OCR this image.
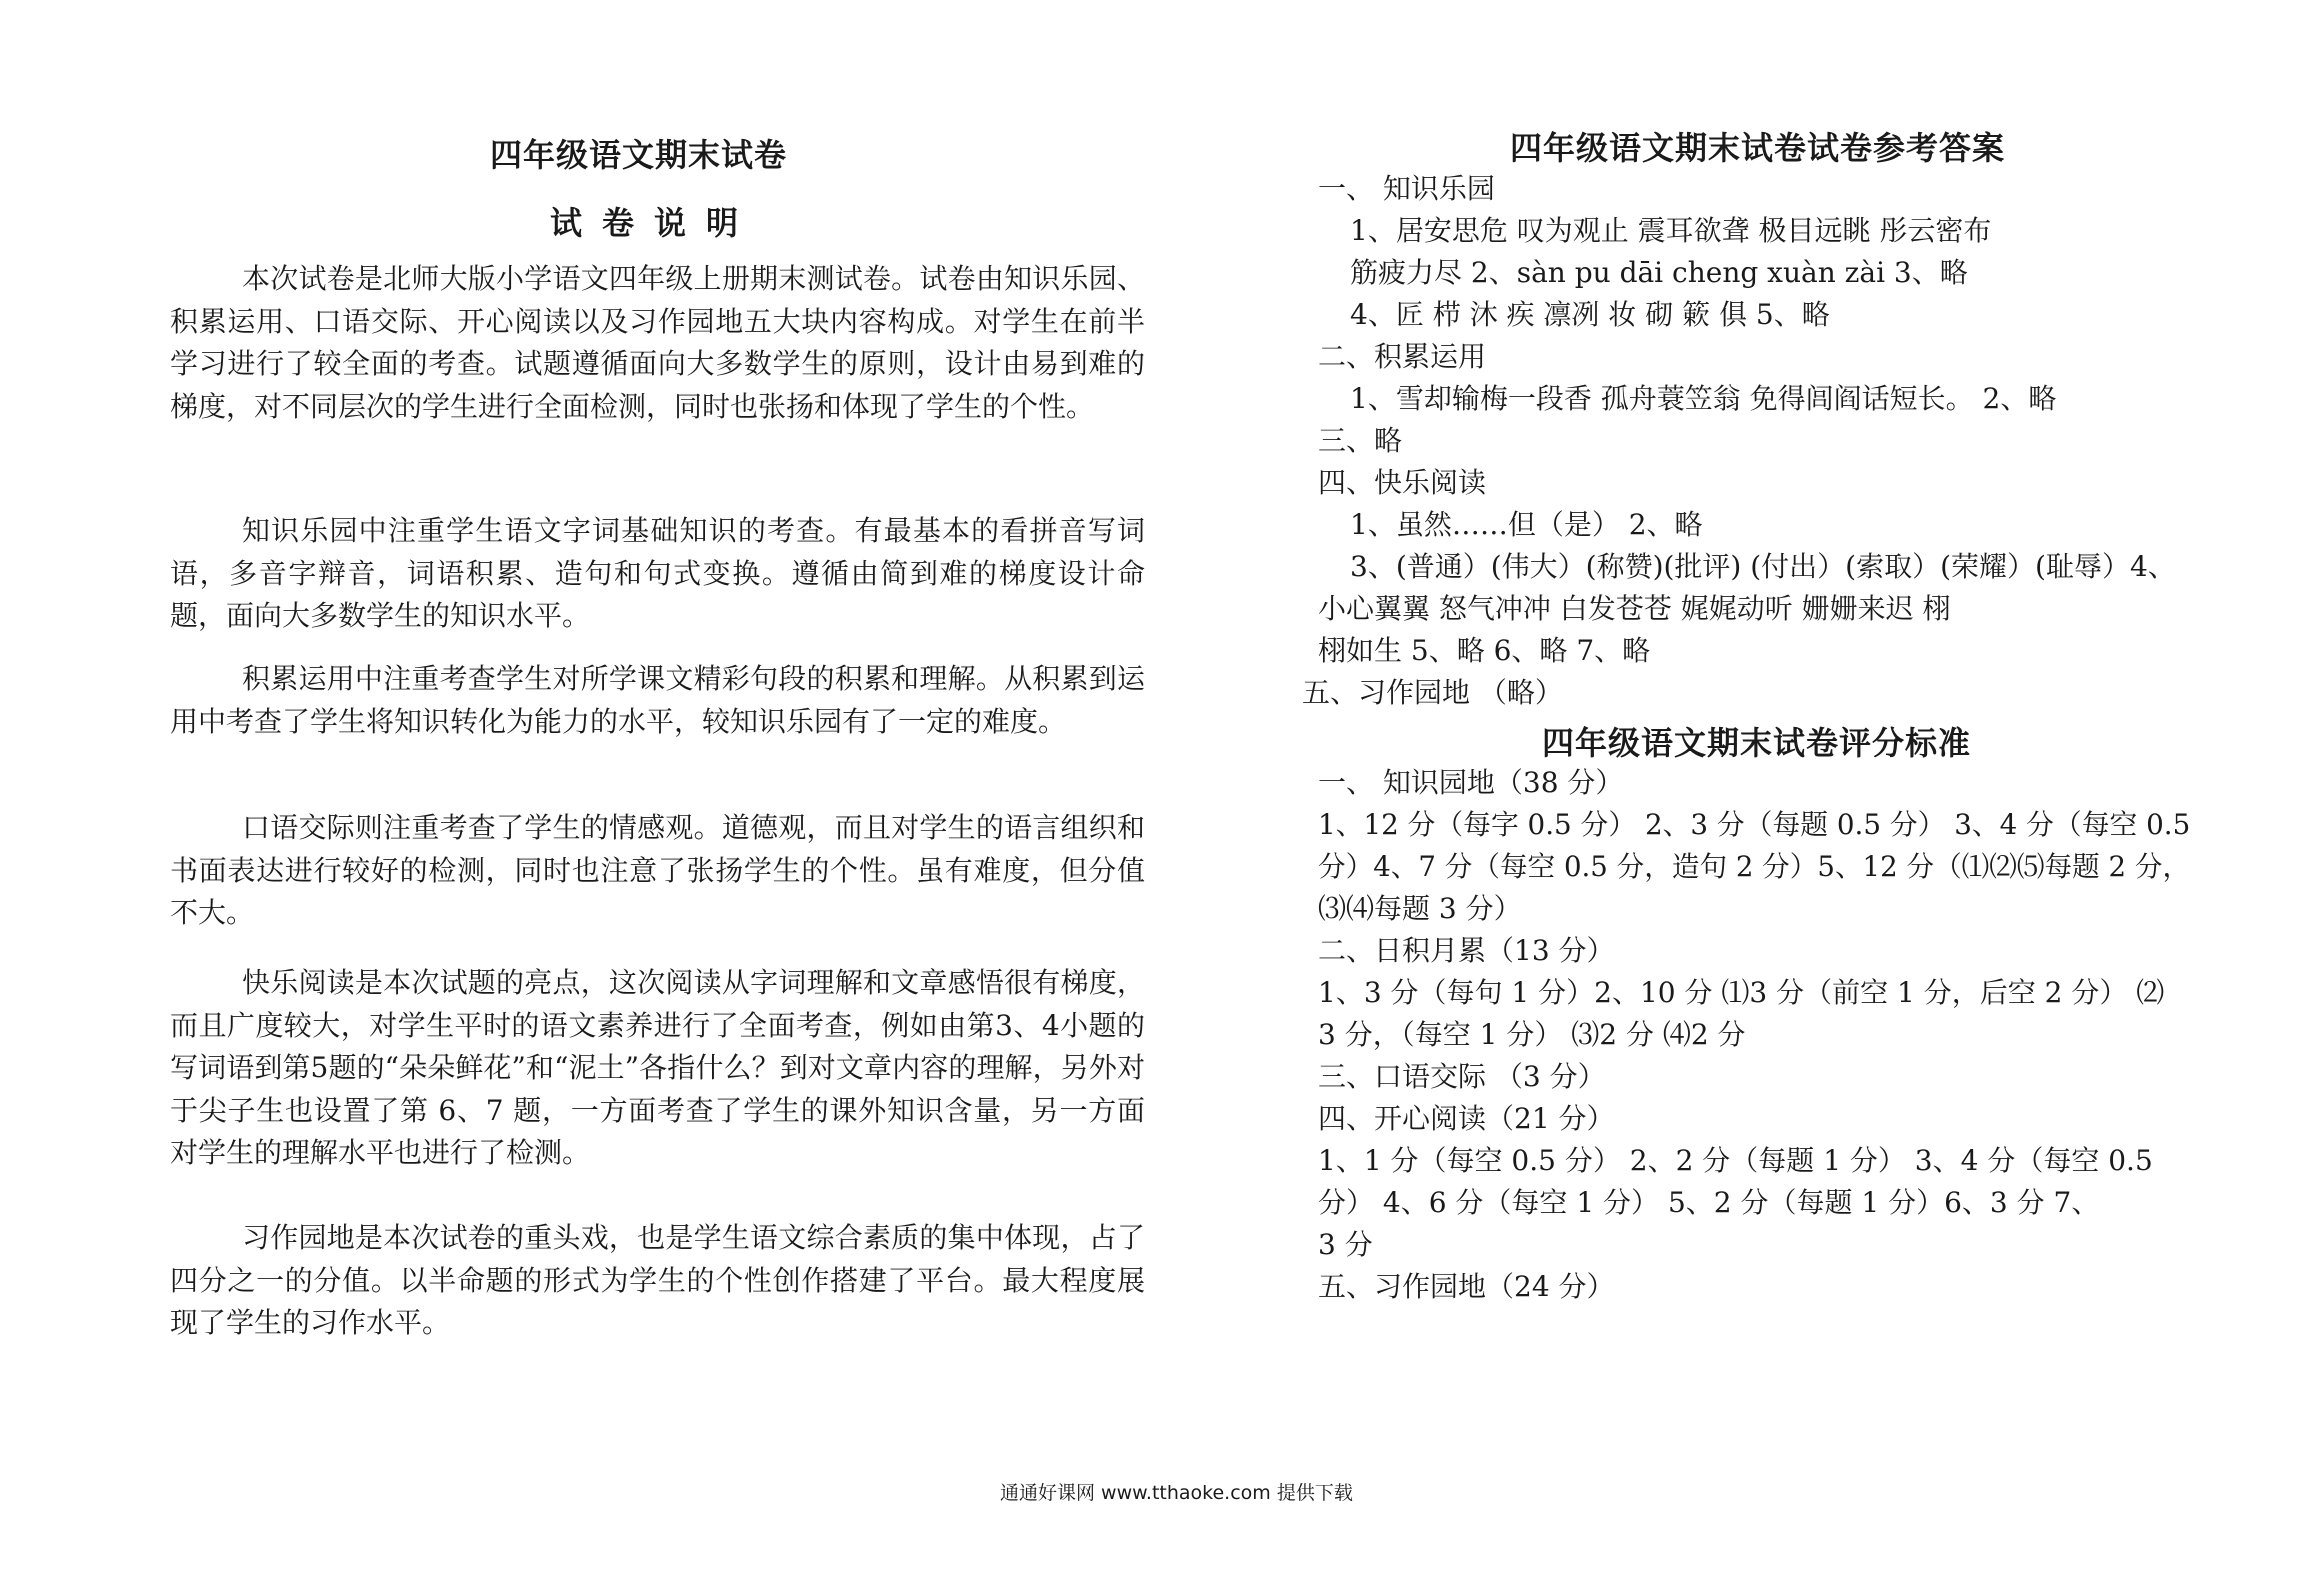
四年级语文期末试卷
试卷说明

本次试卷是北师大版小学语文四年级上册期末测试卷。试卷由知识乐园、积累运用、口语交际、开心阅读以及习作园地五大块内容构成。对学生在前半学习进行了较全面的考查。试题遵循面向大多数学生的原则，设计由易到难的梯度，对不同层次的学生进行全面检测，同时也张扬和体现了学生的个性。

知识乐园中注重学生语文字词基础知识的考查。有最基本的看拼音写词语，多音字辩音，词语积累、造句和句式变换。遵循由简到难的梯度设计命题，面向大多数学生的知识水平。

积累运用中注重考查学生对所学课文精彩句段的积累和理解。从积累到运用中考查了学生将知识转化为能力的水平，较知识乐园有了一定的难度。

口语交际则注重考查了学生的情感观。道德观，而且对学生的语言组织和书面表达进行较好的检测，同时也注意了张扬学生的个性。虽有难度，但分值不大。

快乐阅读是本次试题的亮点，这次阅读从字词理解和文章感悟很有梯度，而且广度较大，对学生平时的语文素养进行了全面考查，例如由第3、4小题的写词语到第5题的“朵朵鲜花”和“泥土”各指什么？到对文章内容的理解，另外对于尖子生也设置了第 6、7 题，一方面考查了学生的课外知识含量，另一方面对学生的理解水平也进行了检测。

习作园地是本次试卷的重头戏，也是学生语文综合素质的集中体现，占了四分之一的分值。以半命题的形式为学生的个性创作搭建了平台。最大程度展现了学生的习作水平。

四年级语文期末试卷试卷参考答案
一、 知识乐园
1、居安思危 叹为观止 震耳欲聋 极目远眺 彤云密布
筋疲力尽 2、sàn pu dāi cheng xuàn zài 3、略
4、匠 栉 沐 疾 凛冽 妆 砌 簌 俱 5、略
二、积累运用
1、雪却输梅一段香 孤舟蓑笠翁 免得闾阎话短长。 2、略
三、略
四、快乐阅读
1、虽然……但（是） 2、略
3、(普通）(伟大）(称赞)(批评) (付出）(索取）(荣耀）(耻辱）4、
小心翼翼 怒气冲冲 白发苍苍 娓娓动听 姗姗来迟 栩
栩如生 5、略 6、略 7、略
五、习作园地 （略）
四年级语文期末试卷评分标准
一、 知识园地（38 分）
1、12 分（每字 0.5 分） 2、3 分（每题 0.5 分） 3、4 分（每空 0.5
分）4、7 分（每空 0.5 分，造句 2 分）5、12 分（⑴⑵⑸每题 2 分，
⑶⑷每题 3 分）
二、日积月累（13 分）
1、3 分（每句 1 分）2、10 分 ⑴3 分（前空 1 分，后空 2 分） ⑵
3 分，（每空 1 分） ⑶2 分 ⑷2 分
三、口语交际 （3 分）
四、开心阅读（21 分）
1、1 分（每空 0.5 分） 2、2 分（每题 1 分） 3、4 分（每空 0.5
分） 4、6 分（每空 1 分） 5、2 分（每题 1 分）6、3 分 7、
3 分
五、习作园地（24 分）
通通好课网 www.tthaoke.com 提供下载
